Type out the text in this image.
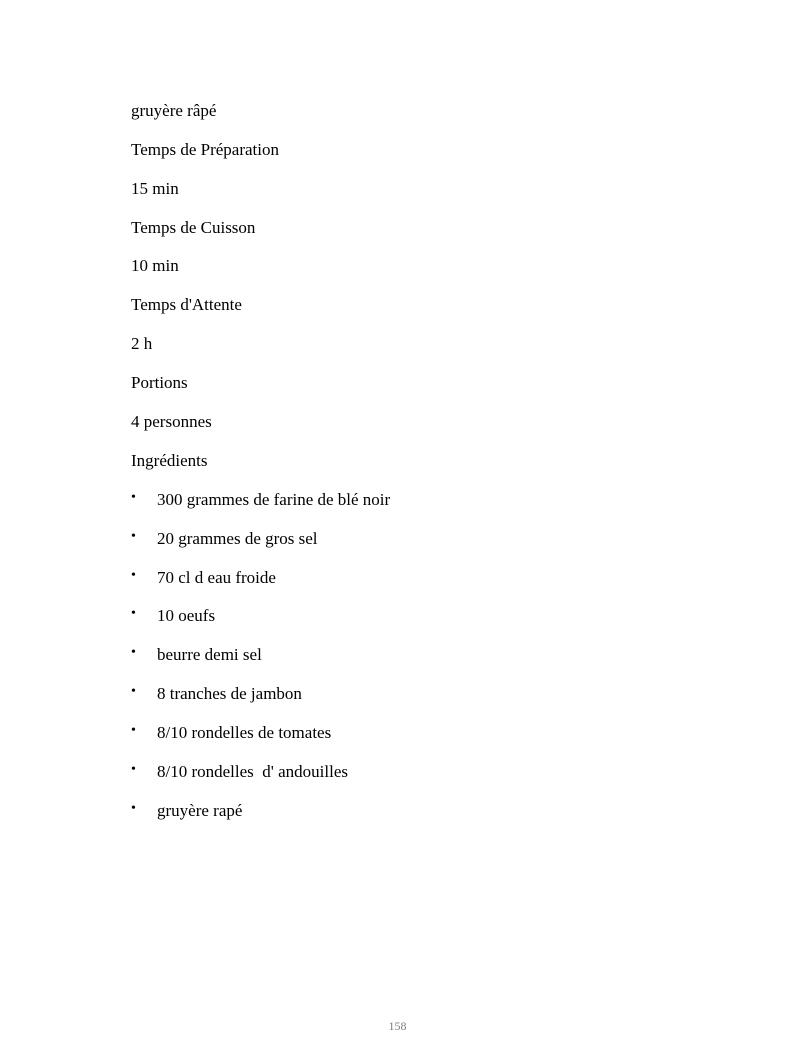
gruyère râpé
Temps de Préparation
15 min
Temps de Cuisson
10 min
Temps d'Attente
2 h
Portions
4 personnes
Ingrédients
• 300 grammes de farine de blé noir
• 20 grammes de gros sel
• 70 cl d eau froide
• 10 oeufs
• beurre demi sel
• 8 tranches de jambon
• 8/10 rondelles de tomates
• 8/10 rondelles  d' andouilles
• gruyère rapé
158
